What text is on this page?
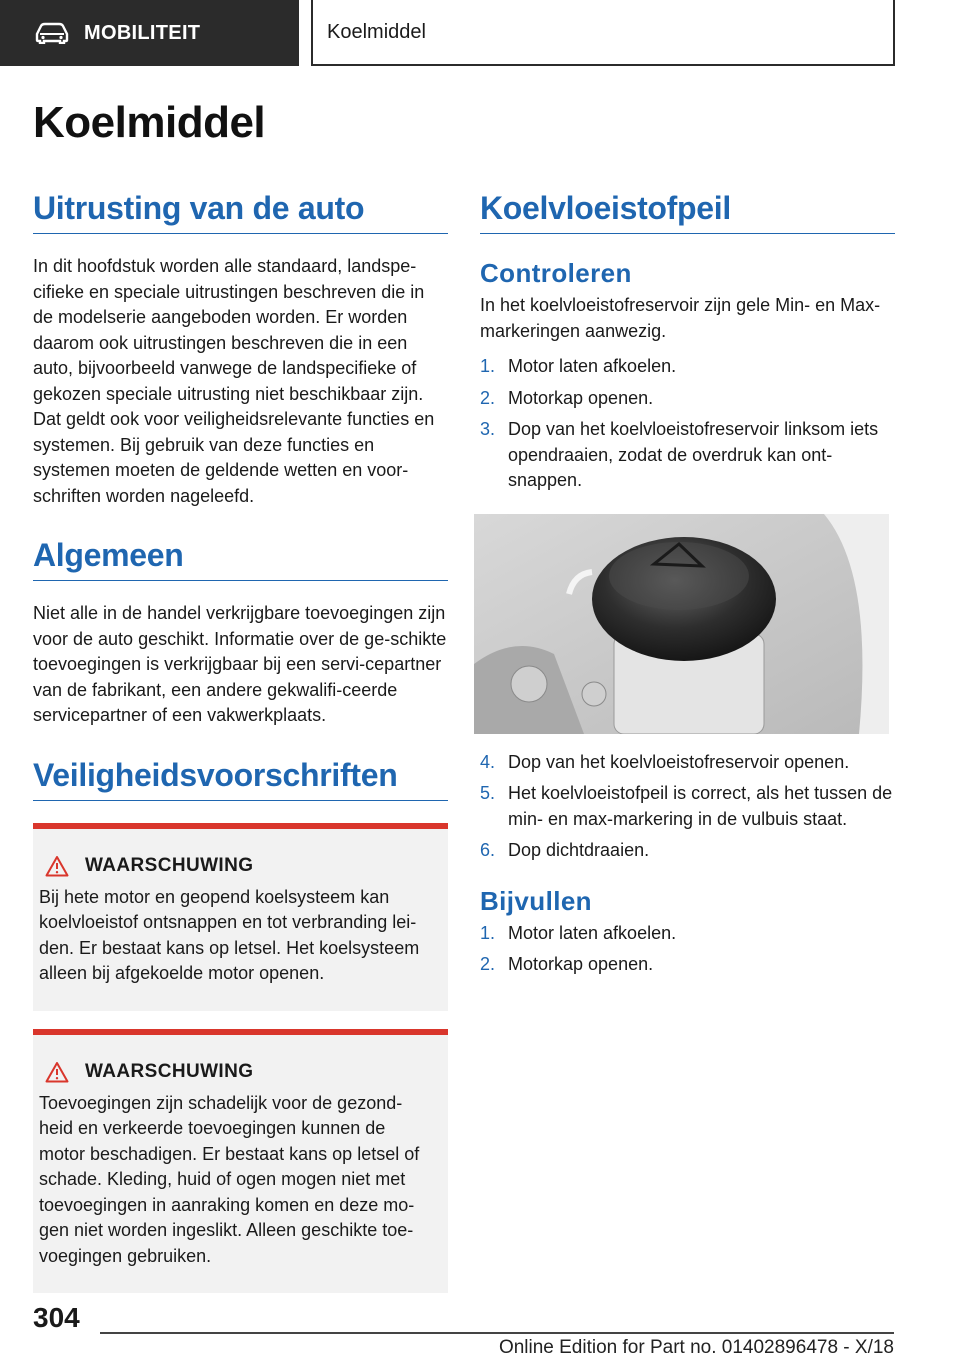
MOBILITEIT	Koelmiddel
Koelmiddel
Uitrusting van de auto

In dit hoofdstuk worden alle standaard, landspe-cifieke en speciale uitrustingen beschreven die in de modelserie aangeboden worden. Er worden daarom ook uitrustingen beschreven die in een auto, bijvoorbeeld vanwege de landspecifieke of gekozen speciale uitrusting niet beschikbaar zijn. Dat geldt ook voor veiligheidsrelevante functies en systemen. Bij gebruik van deze functies en systemen moeten de geldende wetten en voor-schriften worden nageleefd.

Algemeen

Niet alle in de handel verkrijgbare toevoegingen zijn voor de auto geschikt. Informatie over de ge-schikte toevoegingen is verkrijgbaar bij een servi-cepartner van de fabrikant, een andere gekwalifi-ceerde servicepartner of een vakwerkplaats.

Veiligheidsvoorschriften
WAARSCHUWING

Bij hete motor en geopend koelsysteem kan koelvloeistof ontsnappen en tot verbranding lei-den. Er bestaat kans op letsel. Het koelsysteem alleen bij afgekoelde motor openen.

WAARSCHUWING

Toevoegingen zijn schadelijk voor de gezond-heid en verkeerde toevoegingen kunnen de motor beschadigen. Er bestaat kans op letsel of schade. Kleding, huid of ogen mogen niet met toevoegingen in aanraking komen en deze mo-gen niet worden ingeslikt. Alleen geschikte toe-voegingen gebruiken.

Koelvloeistofpeil
Controleren

In het koelvloeistofreservoir zijn gele Min- en Max-markeringen aanwezig.

1. Motor laten afkoelen.
2. Motorkap openen.
3. Dop van het koelvloeistofreservoir linksom iets opendraaien, zodat de overdruk kan ont-snappen.
4. Dop van het koelvloeistofreservoir openen.
5. Het koelvloeistofpeil is correct, als het tussen de min- en max-markering in de vulbuis staat.
6. Dop dichtdraaien.
Bijvullen
1. Motor laten afkoelen.
2. Motorkap openen.
304
Online Edition for Part no. 01402896478 - X/18
